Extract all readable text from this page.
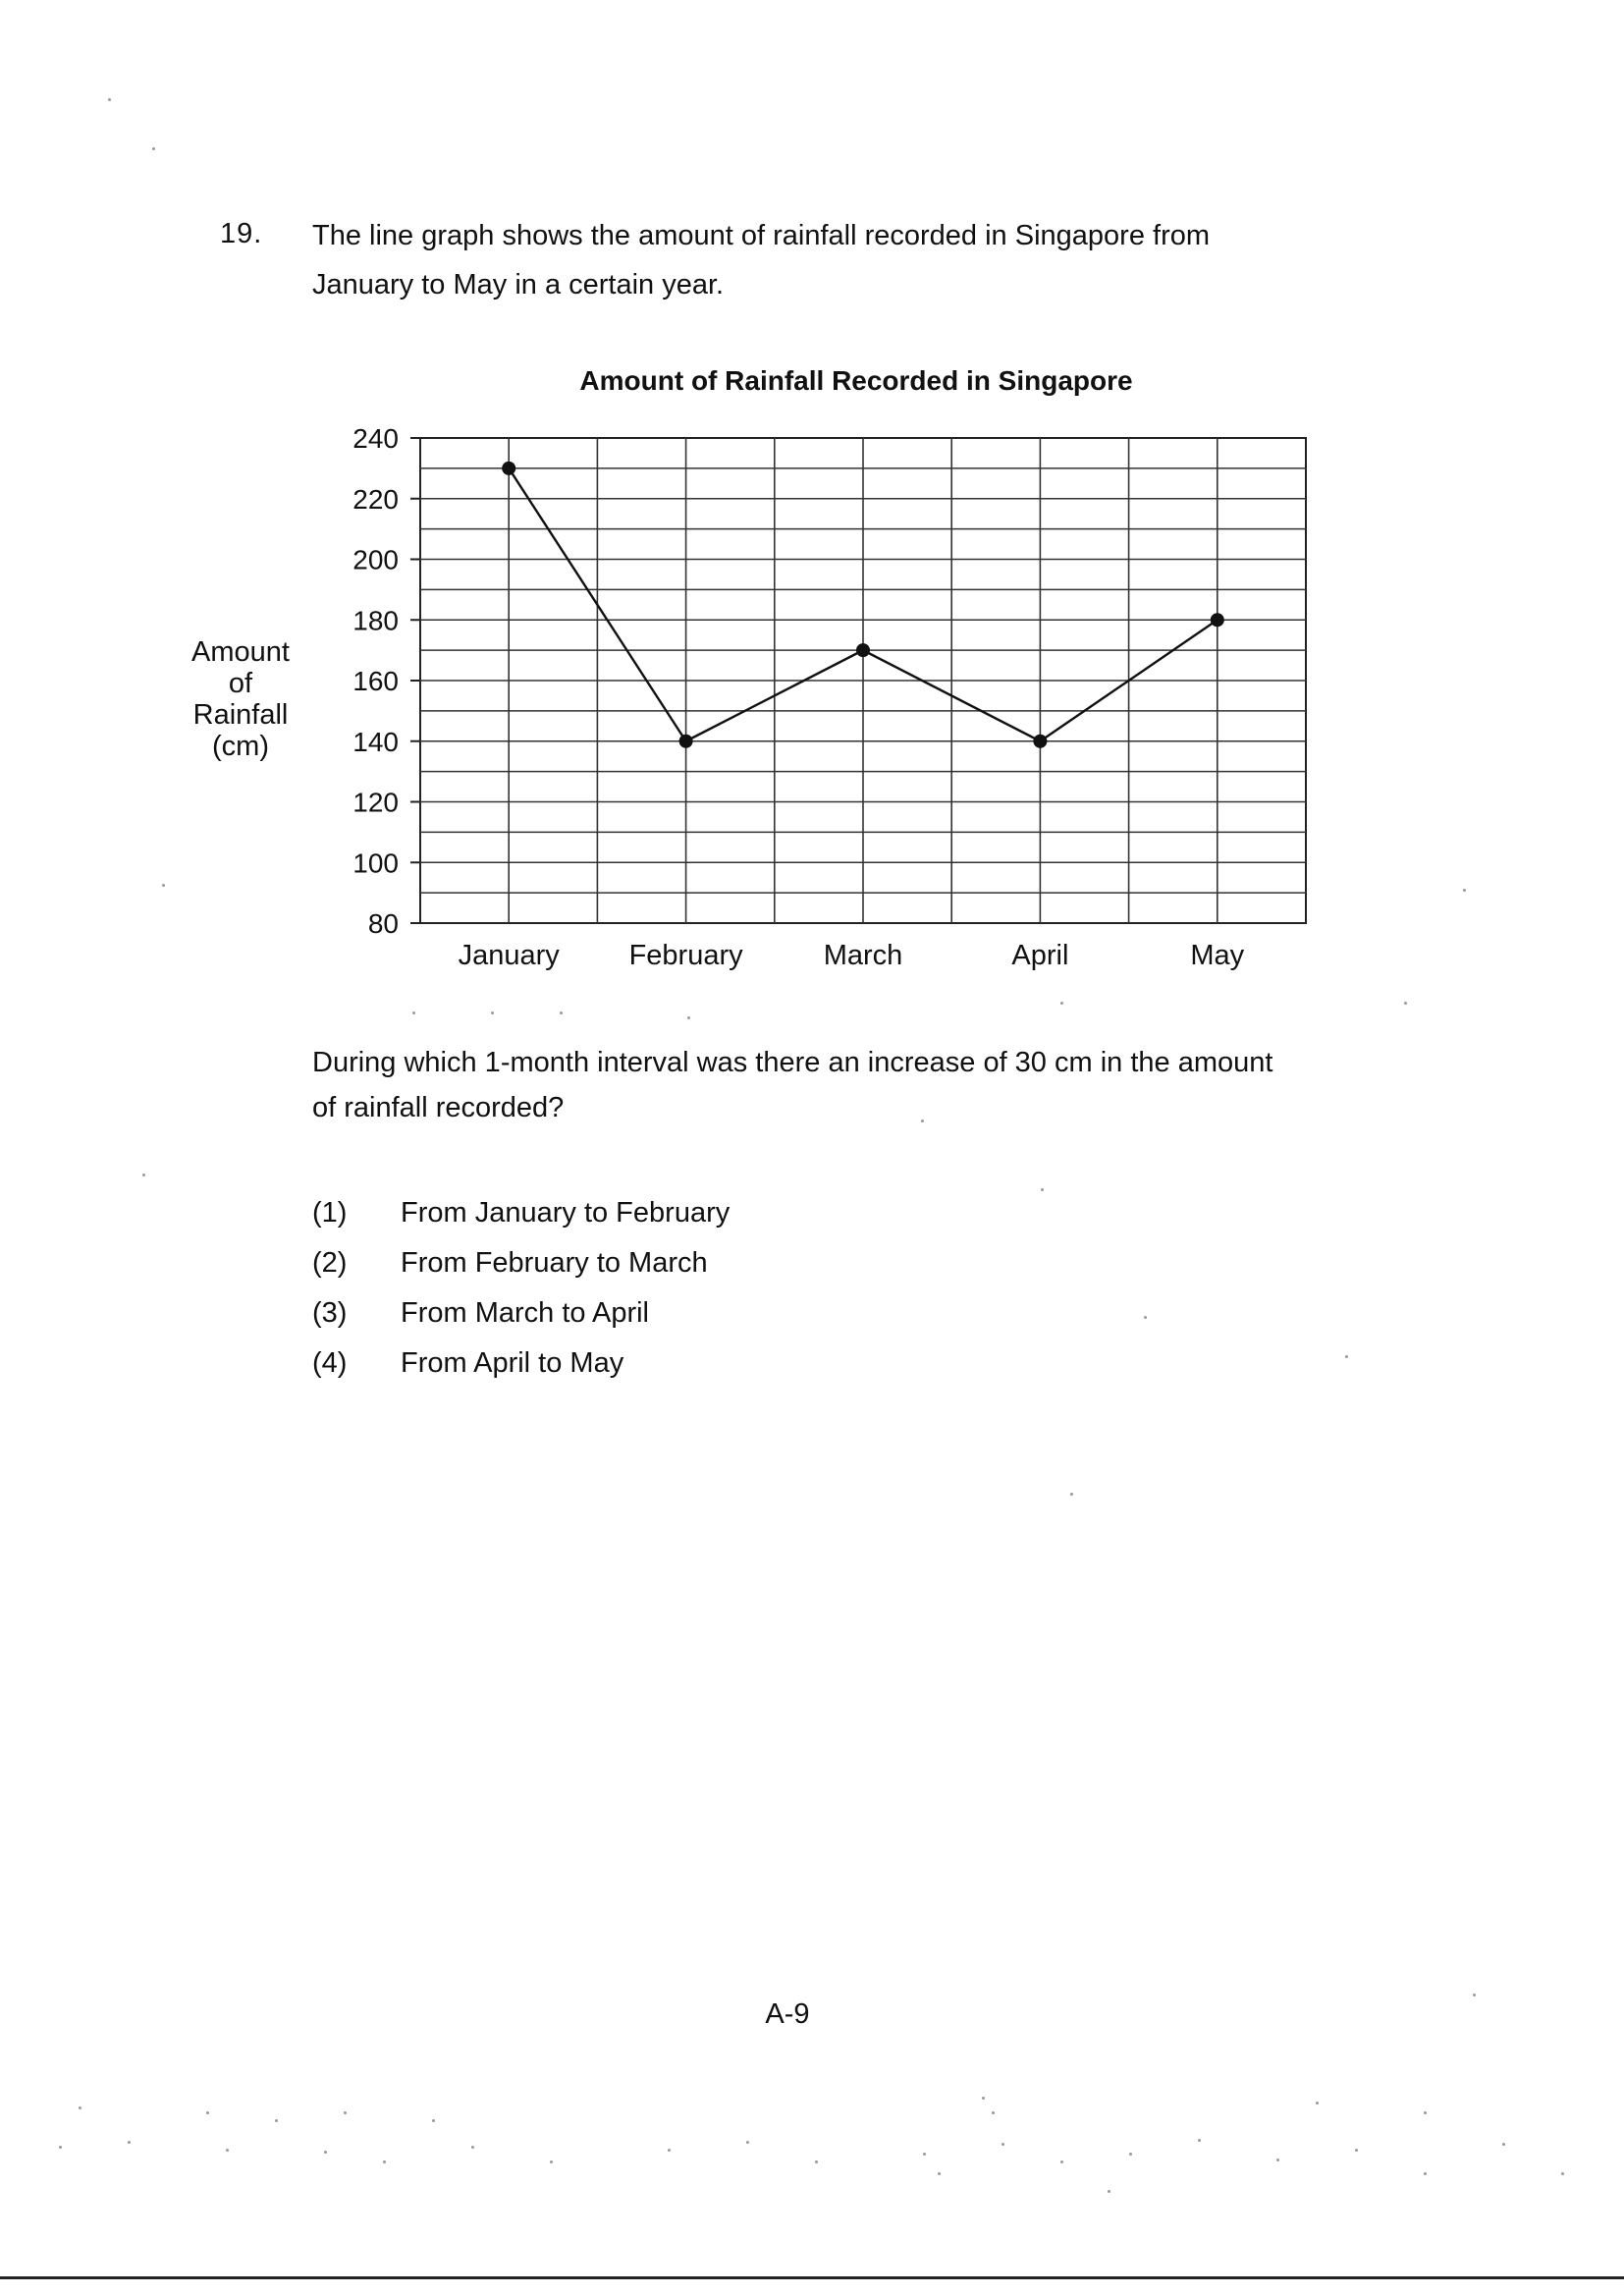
19. The line graph shows the amount of rainfall recorded in Singapore from
January to May in a certain year.
Amount of Rainfall Recorded in Singapore
Amount of
Rainfall
(cm)
80
100
120
140
160
180
200
220
240
January February	March	April	May
During which 1-month interval was there an increase of 30 cm in the amount
of rainfall recorded?
(1) From January to February
(2) From February to March
(3) From March to April
(4) From April to May
A-9
